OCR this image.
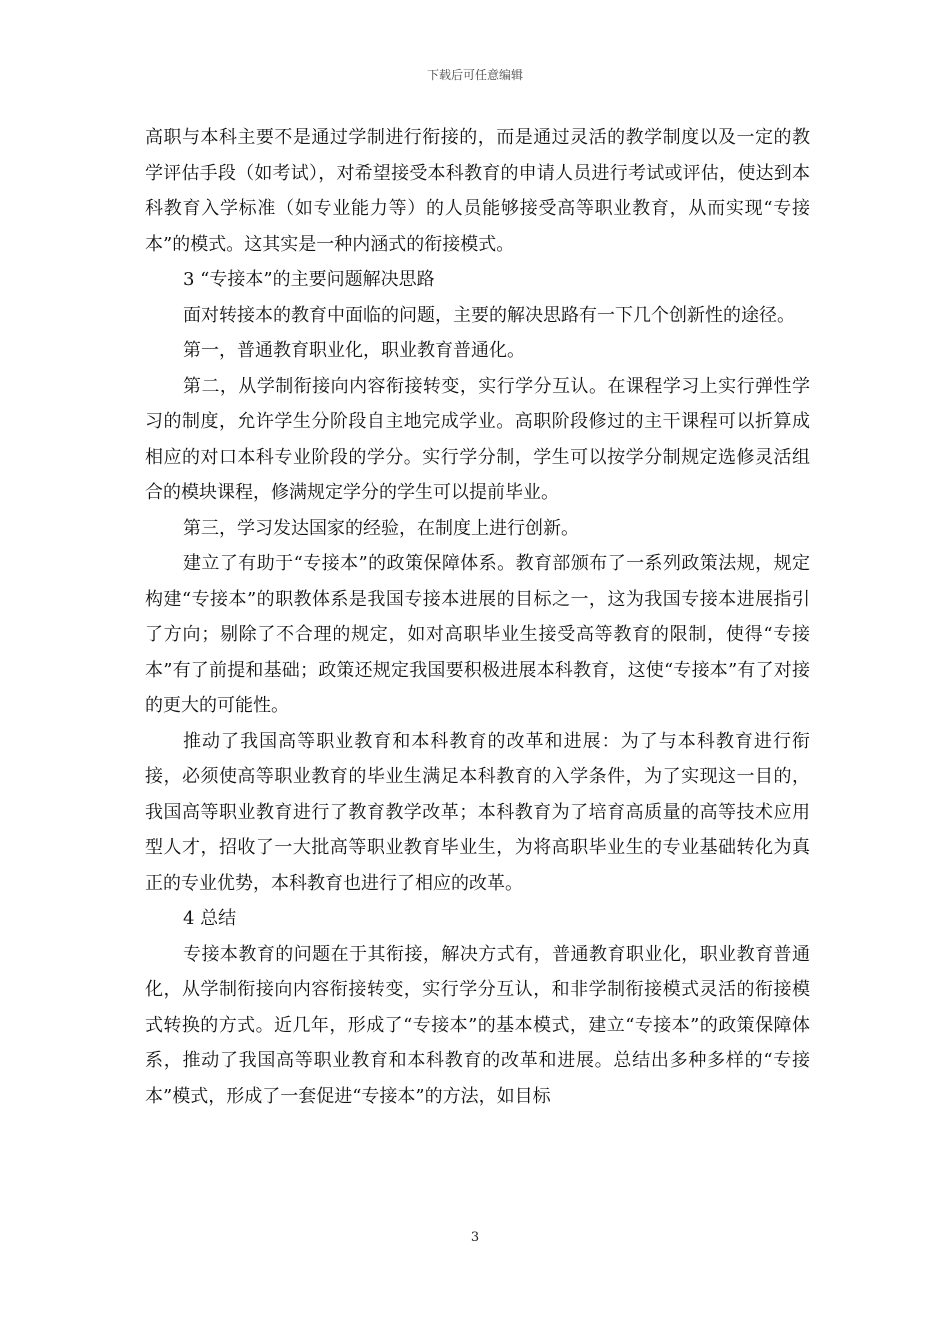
下载后可任意编辑

高职与本科主要不是通过学制进行衔接的，而是通过灵活的教学制度以及一定的教学评估手段（如考试），对希望接受本科教育的申请人员进行考试或评估，使达到本科教育入学标准（如专业能力等）的人员能够接受高等职业教育，从而实现“专接本”的模式。这其实是一种内涵式的衔接模式。

3 “专接本”的主要问题解决思路

面对转接本的教育中面临的问题，主要的解决思路有一下几个创新性的途径。

第一，普通教育职业化，职业教育普通化。

第二，从学制衔接向内容衔接转变，实行学分互认。在课程学习上实行弹性学习的制度，允许学生分阶段自主地完成学业。高职阶段修过的主干课程可以折算成相应的对口本科专业阶段的学分。实行学分制，学生可以按学分制规定选修灵活组合的模块课程，修满规定学分的学生可以提前毕业。

第三，学习发达国家的经验，在制度上进行创新。

建立了有助于“专接本”的政策保障体系。教育部颁布了一系列政策法规，规定构建“专接本”的职教体系是我国专接本进展的目标之一，这为我国专接本进展指引了方向；剔除了不合理的规定，如对高职毕业生接受高等教育的限制，使得“专接本”有了前提和基础；政策还规定我国要积极进展本科教育，这使“专接本”有了对接的更大的可能性。

推动了我国高等职业教育和本科教育的改革和进展：为了与本科教育进行衔接，必须使高等职业教育的毕业生满足本科教育的入学条件，为了实现这一目的，我国高等职业教育进行了教育教学改革；本科教育为了培育高质量的高等技术应用型人才，招收了一大批高等职业教育毕业生，为将高职毕业生的专业基础转化为真正的专业优势，本科教育也进行了相应的改革。

4 总结

专接本教育的问题在于其衔接，解决方式有，普通教育职业化，职业教育普通化，从学制衔接向内容衔接转变，实行学分互认，和非学制衔接模式灵活的衔接模式转换的方式。近几年，形成了“专接本”的基本模式，建立“专接本”的政策保障体系，推动了我国高等职业教育和本科教育的改革和进展。总结出多种多样的“专接本”模式，形成了一套促进“专接本”的方法，如目标

3
